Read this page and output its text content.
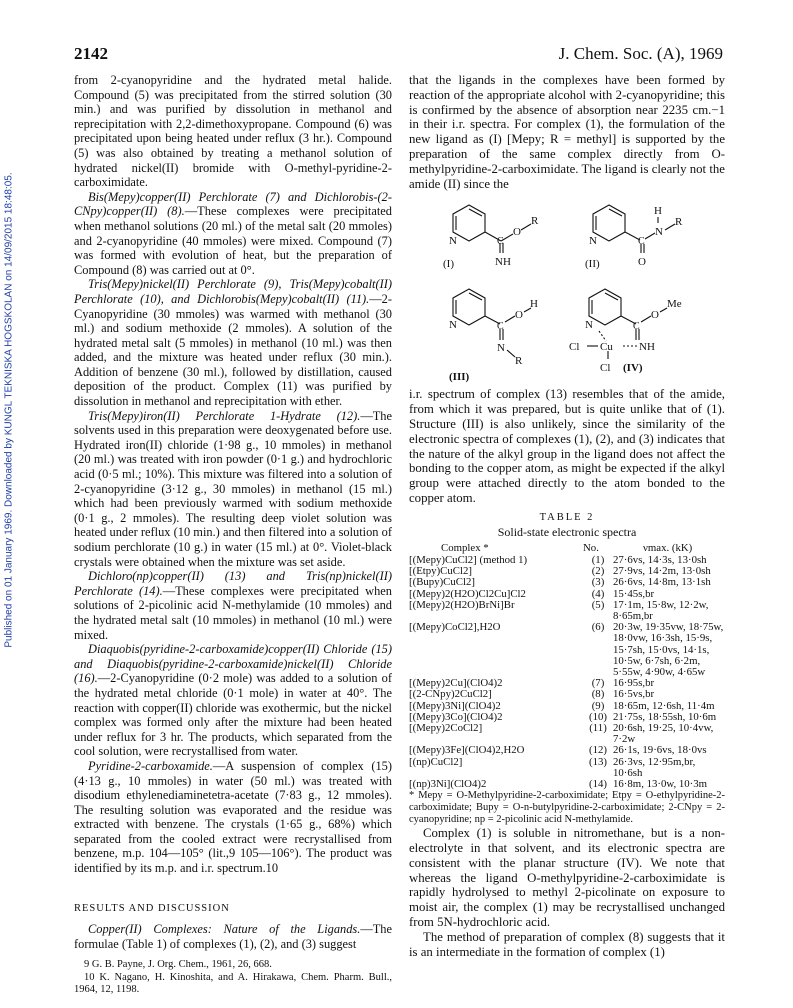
Published on 01 January 1969. Downloaded by KUNGL TEKNISKA HOGSKOLAN on 14/09/2015 18:48:05.
2142	J. Chem. Soc. (A), 1969

from 2-cyanopyridine and the hydrated metal halide. Compound (5) was precipitated from the stirred solution (30 min.) and was purified by dissolution in methanol and reprecipitation with 2,2-dimethoxypropane. Compound (6) was precipitated upon being heated under reflux (3 hr.). Compound (5) was also obtained by treating a methanol solution of hydrated nickel(II) bromide with O-methyl-pyridine-2-carboximidate.

Bis(Mepy)copper(II) Perchlorate (7) and Dichlorobis-(2-CNpy)copper(II) (8).—These complexes were precipitated when methanol solutions (20 ml.) of the metal salt (20 mmoles) and 2-cyanopyridine (40 mmoles) were mixed. Compound (7) was formed with evolution of heat, but the preparation of Compound (8) was carried out at 0°.

Tris(Mepy)nickel(II) Perchlorate (9), Tris(Mepy)cobalt(II) Perchlorate (10), and Dichlorobis(Mepy)cobalt(II) (11).—2-Cyanopyridine (30 mmoles) was warmed with methanol (30 ml.) and sodium methoxide (2 mmoles). A solution of the hydrated metal salt (5 mmoles) in methanol (10 ml.) was then added, and the mixture was heated under reflux (30 min.). Addition of benzene (30 ml.), followed by distillation, caused deposition of the product. Complex (11) was purified by dissolution in methanol and reprecipitation with ether.

Tris(Mepy)iron(II) Perchlorate 1-Hydrate (12).—The solvents used in this preparation were deoxygenated before use. Hydrated iron(II) chloride (1·98 g., 10 mmoles) in methanol (20 ml.) was treated with iron powder (0·1 g.) and hydrochloric acid (0·5 ml.; 10%). This mixture was filtered into a solution of 2-cyanopyridine (3·12 g., 30 mmoles) in methanol (15 ml.) which had been previously warmed with sodium methoxide (0·1 g., 2 mmoles). The resulting deep violet solution was heated under reflux (10 min.) and then filtered into a solution of sodium perchlorate (10 g.) in water (15 ml.) at 0°. Violet-black crystals were obtained when the mixture was set aside.

Dichloro(np)copper(II) (13) and Tris(np)nickel(II) Perchlorate (14).—These complexes were precipitated when solutions of 2-picolinic acid N-methylamide (10 mmoles) and the hydrated metal salt (10 mmoles) in methanol (10 ml.) were mixed.

Diaquobis(pyridine-2-carboxamide)copper(II) Chloride (15) and Diaquobis(pyridine-2-carboxamide)nickel(II) Chloride (16).—2-Cyanopyridine (0·2 mole) was added to a solution of the hydrated metal chloride (0·1 mole) in water at 40°. The reaction with copper(II) chloride was exothermic, but the nickel complex was formed only after the mixture had been heated under reflux for 3 hr. The products, which separated from the cool solution, were recrystallised from water.

Pyridine-2-carboxamide.—A suspension of complex (15) (4·13 g., 10 mmoles) in water (50 ml.) was treated with disodium ethylenediaminetetra-acetate (7·83 g., 12 mmoles). The resulting solution was evaporated and the residue was extracted with benzene. The crystals (1·65 g., 68%) which separated from the cooled extract were recrystallised from benzene, m.p. 104—105° (lit.,9 105—106°). The product was identified by its m.p. and i.r. spectrum.10

RESULTS AND DISCUSSION

Copper(II) Complexes: Nature of the Ligands.—The formulae (Table 1) of complexes (1), (2), and (3) suggest

9 G. B. Payne, J. Org. Chem., 1961, 26, 668.

10 K. Nagano, H. Kinoshita, and A. Hirakawa, Chem. Pharm. Bull., 1964, 12, 1198.

that the ligands in the complexes have been formed by reaction of the appropriate alcohol with 2-cyanopyridine; this is confirmed by the absence of absorption near 2235 cm.−1 in their i.r. spectra. For complex (1), the formulation of the new ligand as (I) [Mepy; R = methyl] is supported by the preparation of the same complex directly from O-methylpyridine-2-carboximidate. The ligand is clearly not the amide (II) since the

N	C
O
R
NH
(I)
N	C
N
H
R
O
(II)
N	C
O
H
N
R
(III)
N	C
O
Me
Cl Cu NH
Cl (IV)

i.r. spectrum of complex (13) resembles that of the amide, from which it was prepared, but is quite unlike that of (1). Structure (III) is also unlikely, since the similarity of the electronic spectra of complexes (1), (2), and (3) indicates that the nature of the alkyl group in the ligand does not affect the bonding to the copper atom, as might be expected if the alkyl group were attached directly to the atom bonded to the copper atom.

TABLE 2
Solid-state electronic spectra
Complex *	No.	νmax. (kK)
[(Mepy)CuCl2] (method 1)	(1)	27·6vs, 14·3s, 13·0sh
[(Etpy)CuCl2]	(2)	27·9vs, 14·2m, 13·0sh
[(Bupy)CuCl2]	(3)	26·6vs, 14·8m, 13·1sh
[(Mepy)2(H2O)Cl2Cu]Cl2	(4)	15·45s,br
[(Mepy)2(H2O)BrNi]Br	(5)	17·1m, 15·8w, 12·2w, 8·65m,br
[(Mepy)CoCl2],H2O	(6)	20·3w, 19·35vw, 18·75w, 18·0vw, 16·3sh, 15·9s, 15·7sh, 15·0vs, 14·1s, 10·5w, 6·7sh, 6·2m, 5·55w, 4·90w, 4·65w
[(Mepy)2Cu](ClO4)2	(7)	16·95s,br
[(2-CNpy)2CuCl2]	(8)	16·5vs,br
[(Mepy)3Ni](ClO4)2	(9)	18·65m, 12·6sh, 11·4m
[(Mepy)3Co](ClO4)2	(10)	21·75s, 18·55sh, 10·6m
[(Mepy)2CoCl2]	(11)	20·6sh, 19·25, 10·4vw, 7·2w
[(Mepy)3Fe](ClO4)2,H2O	(12)	26·1s, 19·6vs, 18·0vs
[(np)CuCl2]	(13)	26·3vs, 12·95m,br, 10·6sh
[(np)3Ni](ClO4)2	(14)	16·8m, 13·0w, 10·3m

* Mepy = O-Methylpyridine-2-carboximidate; Etpy = O-ethylpyridine-2-carboximidate; Bupy = O-n-butylpyridine-2-carboximidate; 2-CNpy = 2-cyanopyridine; np = 2-picolinic acid N-methylamide.

Complex (1) is soluble in nitromethane, but is a non-electrolyte in that solvent, and its electronic spectra are consistent with the planar structure (IV). We note that whereas the ligand O-methylpyridine-2-carboximidate is rapidly hydrolysed to methyl 2-picolinate on exposure to moist air, the complex (1) may be recrystallised unchanged from 5N-hydrochloric acid.

The method of preparation of complex (8) suggests that it is an intermediate in the formation of complex (1)
